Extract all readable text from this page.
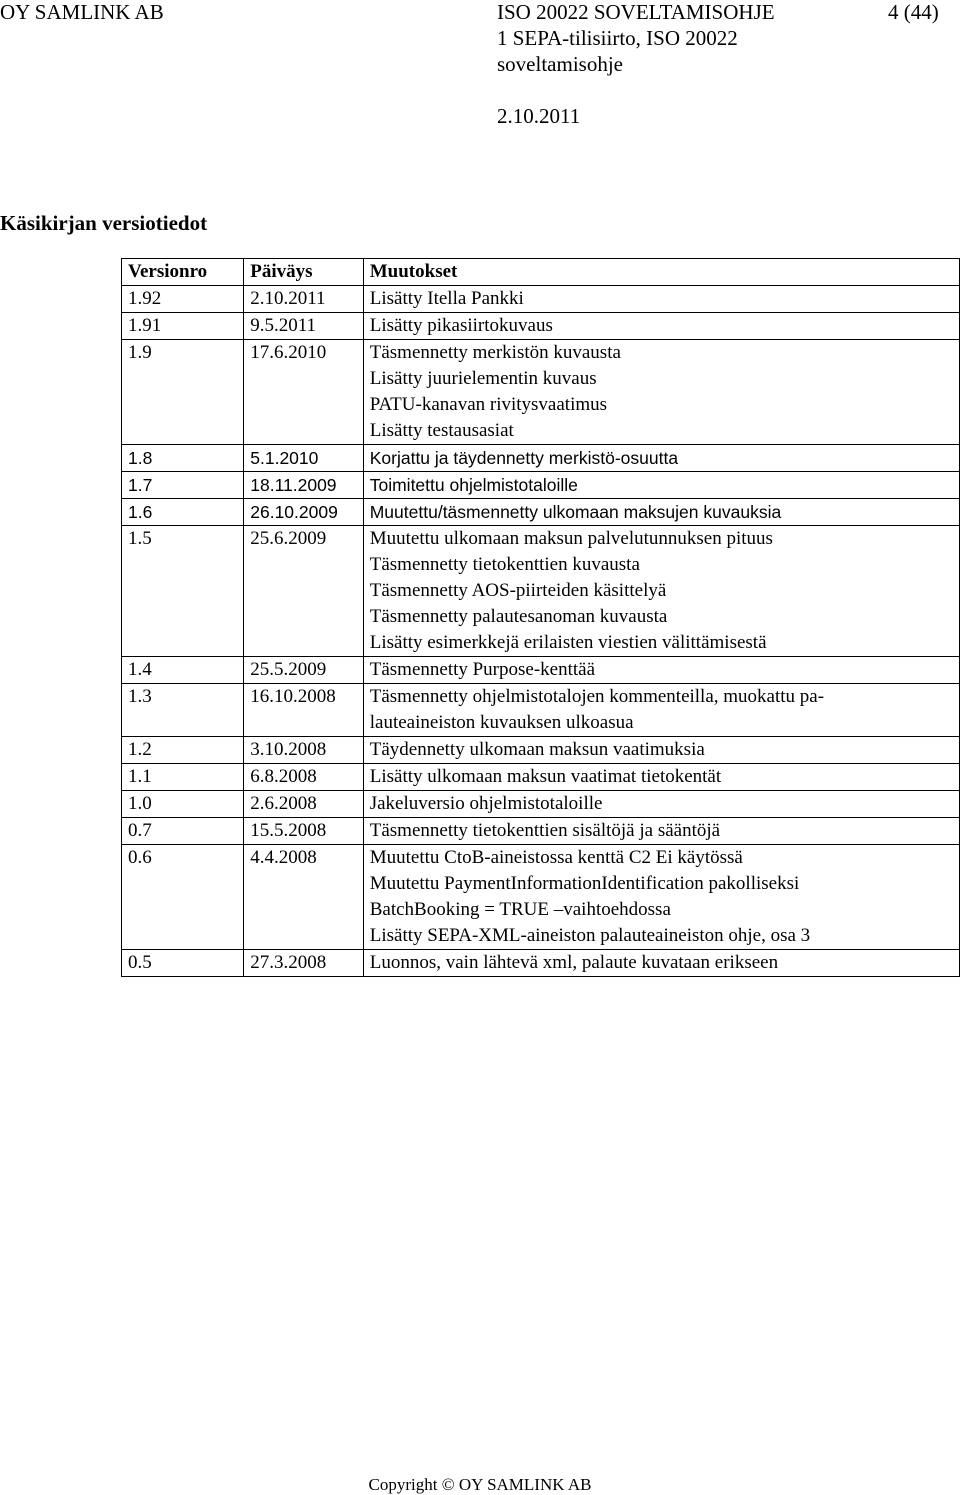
OY SAMLINK AB	ISO 20022 SOVELTAMISOHJE	4 (44)
1 SEPA-tilisiirto, ISO 20022
soveltamisohje
2.10.2011
Käsikirjan versiotiedot
Versionro	Päiväys	Muutokset
1.92	2.10.2011	Lisätty Itella Pankki

1.91	9.5.2011	Lisätty pikasiirtokuvaus

1.9	17.6.2010	Täsmennetty merkistön kuvausta
Lisätty juurielementin kuvaus
PATU-kanavan rivitysvaatimus
Lisätty testausasiat

1.8	5.1.2010	Korjattu ja täydennetty merkistö-osuutta

1.7	18.11.2009	Toimitettu ohjelmistotaloille

1.6	26.10.2009	Muutettu/täsmennetty ulkomaan maksujen kuvauksia

1.5	25.6.2009	Muutettu ulkomaan maksun palvelutunnuksen pituus
Täsmennetty tietokenttien kuvausta
Täsmennetty AOS-piirteiden käsittelyä
Täsmennetty palautesanoman kuvausta
Lisätty esimerkkejä erilaisten viestien välittämisestä

1.4	25.5.2009	Täsmennetty Purpose-kenttää

1.3	16.10.2008	Täsmennetty ohjelmistotalojen kommenteilla, muokattu pa-
lauteaineiston kuvauksen ulkoasua

1.2	3.10.2008	Täydennetty ulkomaan maksun vaatimuksia

1.1	6.8.2008	Lisätty ulkomaan maksun vaatimat tietokentät

1.0	2.6.2008	Jakeluversio ohjelmistotaloille

0.7	15.5.2008	Täsmennetty tietokenttien sisältöjä ja sääntöjä

0.6	4.4.2008	Muutettu CtoB-aineistossa kenttä C2 Ei käytössä
Muutettu PaymentInformationIdentification pakolliseksi
BatchBooking = TRUE –vaihtoehdossa
Lisätty SEPA-XML-aineiston palauteaineiston ohje, osa 3

0.5	27.3.2008	Luonnos, vain lähtevä xml, palaute kuvataan erikseen
Copyright © OY SAMLINK AB
